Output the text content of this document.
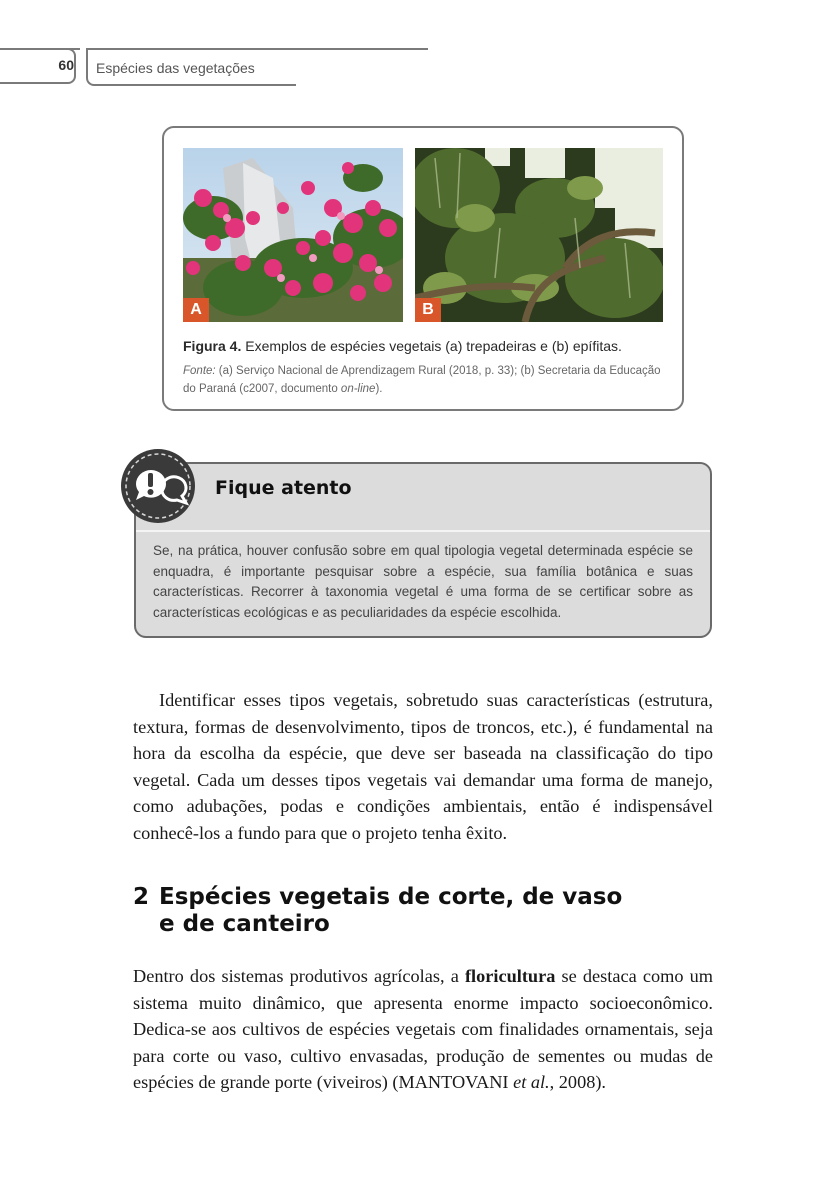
60 Espécies das vegetações
A	B
Figura 4. Exemplos de espécies vegetais (a) trepadeiras e (b) epífitas.
Fonte: (a) Serviço Nacional de Aprendizagem Rural (2018, p. 33); (b) Secretaria da Educação do Paraná (c2007, documento on-line).
Fique atento
Se, na prática, houver confusão sobre em qual tipologia vegetal determinada espécie se enquadra, é importante pesquisar sobre a espécie, sua família botânica e suas características. Recorrer à taxonomia vegetal é uma forma de se certificar sobre as características ecológicas e as peculiaridades da espécie escolhida.
Identificar esses tipos vegetais, sobretudo suas características (estrutura, textura, formas de desenvolvimento, tipos de troncos, etc.), é fundamental na hora da escolha da espécie, que deve ser baseada na classificação do tipo vegetal. Cada um desses tipos vegetais vai demandar uma forma de manejo, como adubações, podas e condições ambientais, então é indispensável conhecê-los a fundo para que o projeto tenha êxito.
2 Espécies vegetais de corte, de vaso
e de canteiro
Dentro dos sistemas produtivos agrícolas, a floricultura se destaca como um sistema muito dinâmico, que apresenta enorme impacto socioeconômico. Dedica-se aos cultivos de espécies vegetais com finalidades ornamentais, seja para corte ou vaso, cultivo envasadas, produção de sementes ou mudas de espécies de grande porte (viveiros) (MANTOVANI et al., 2008).
